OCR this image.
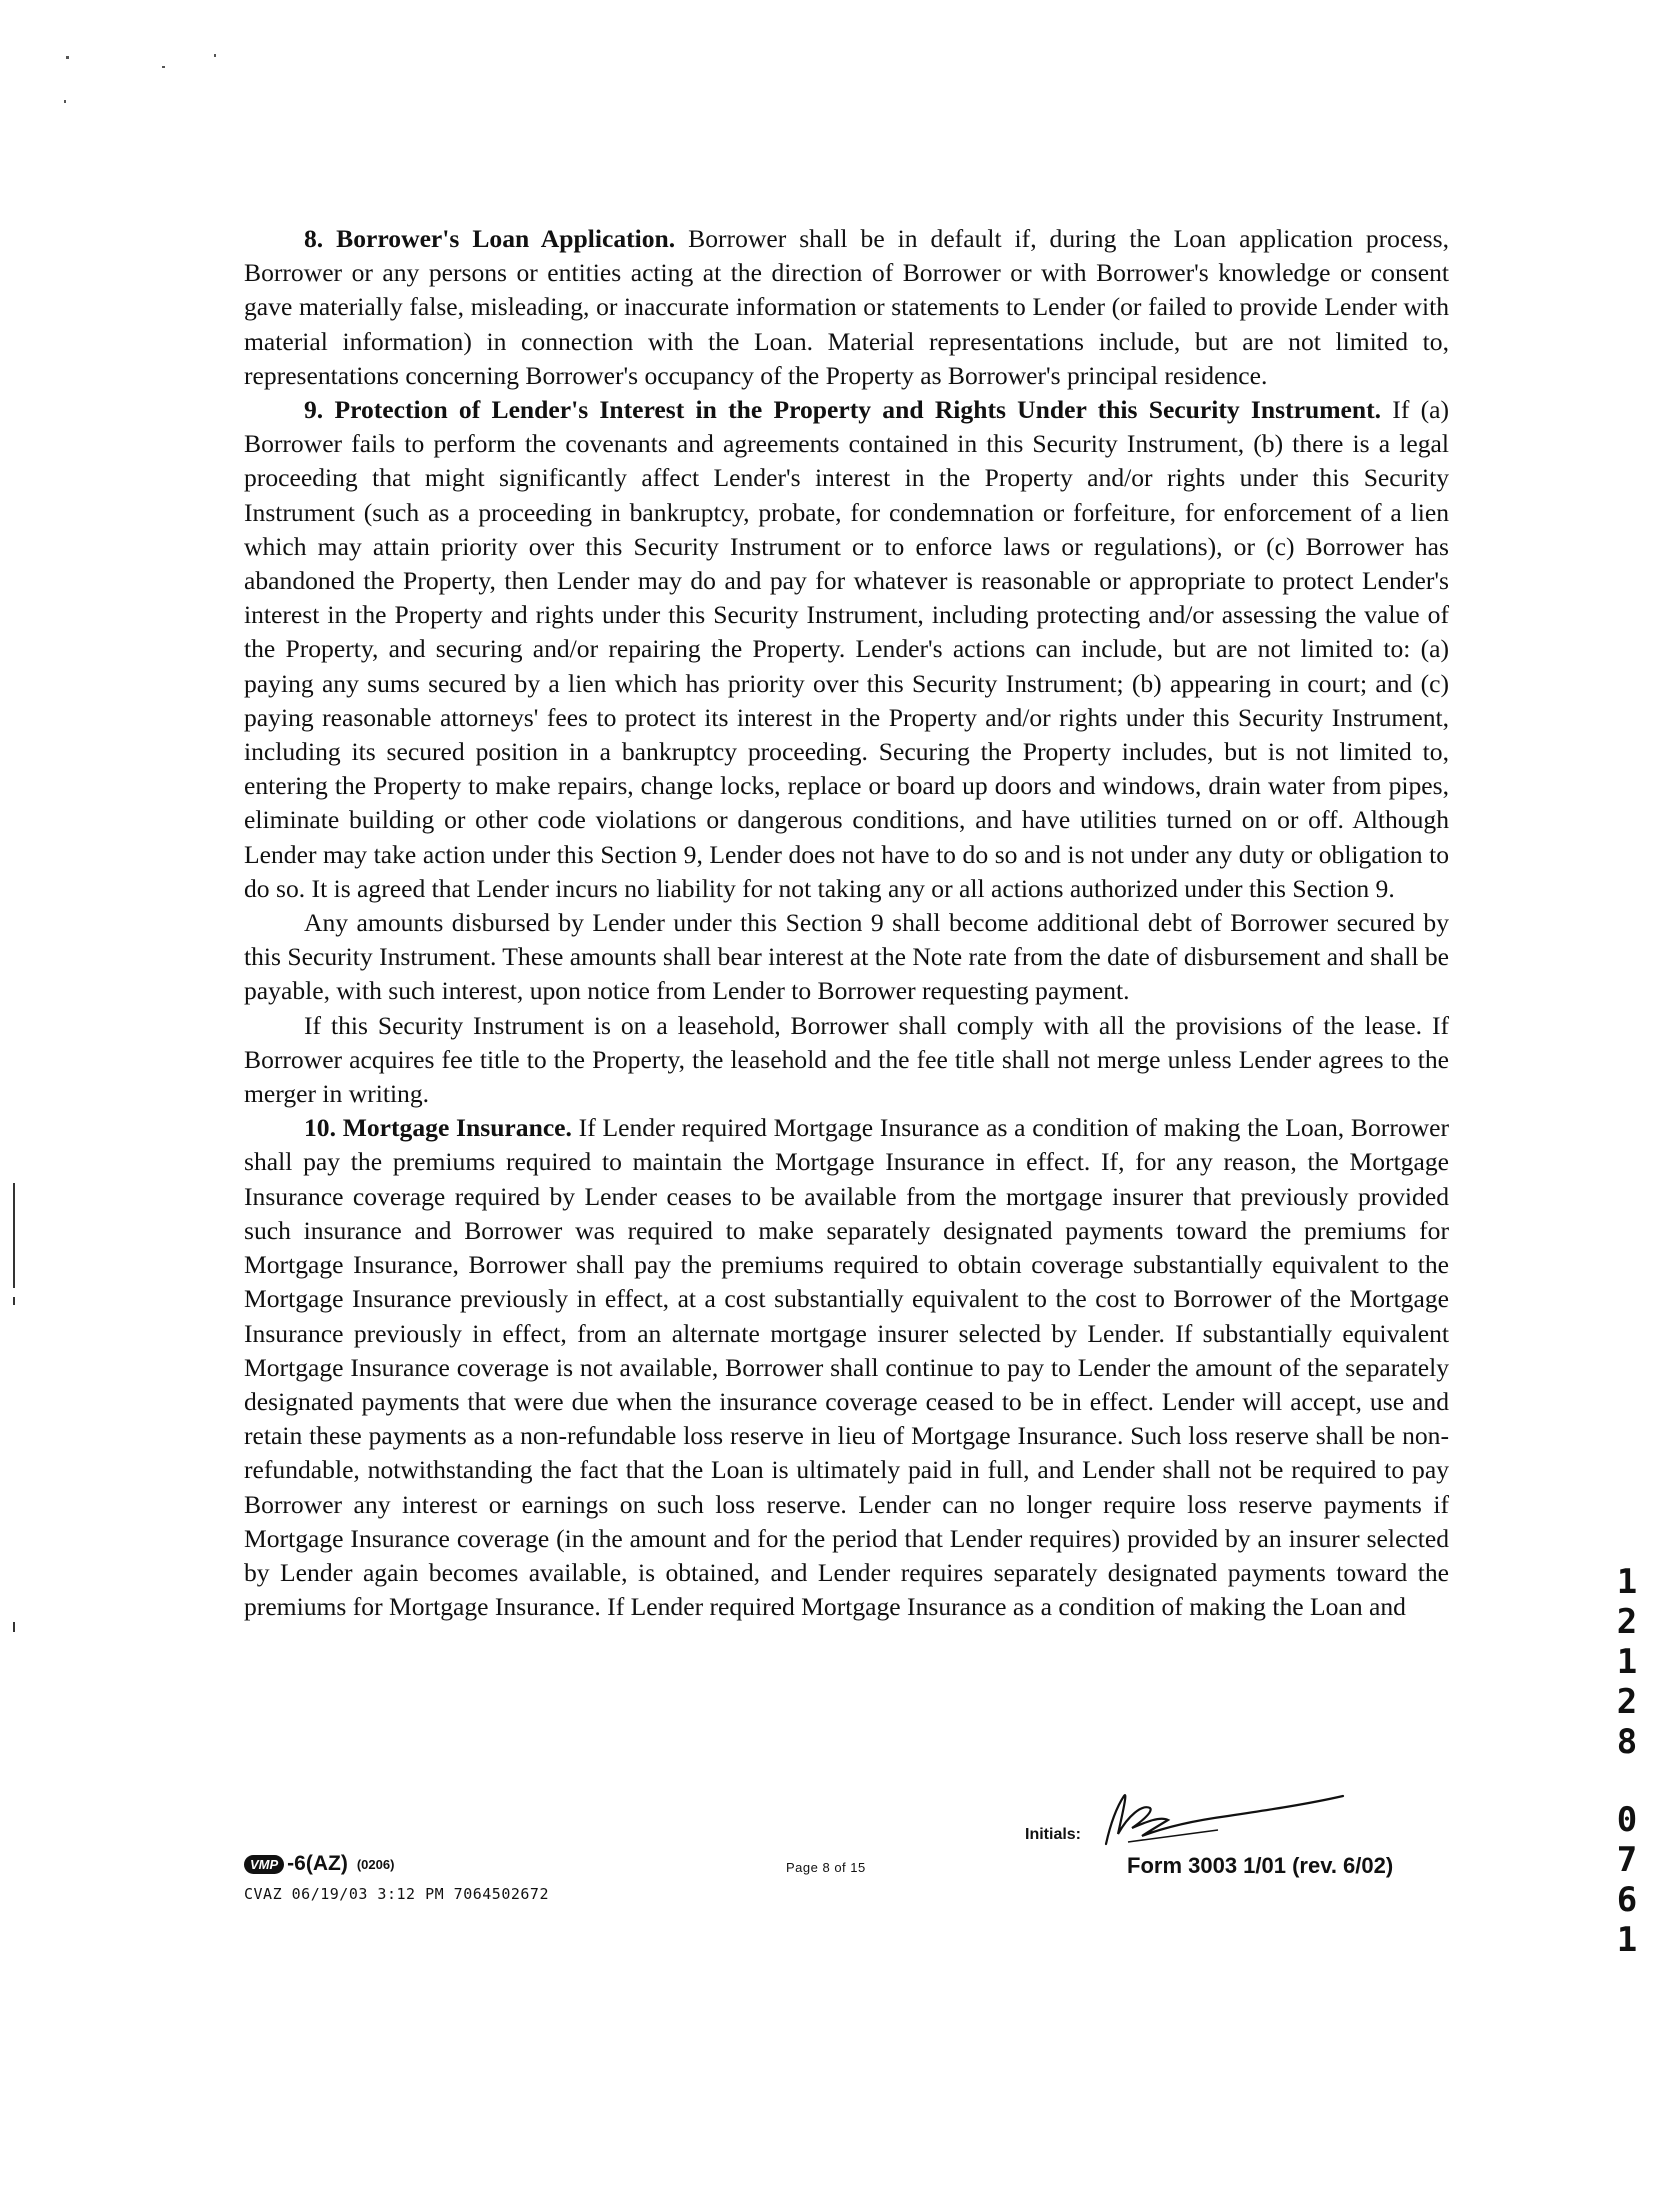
8. Borrower's Loan Application. Borrower shall be in default if, during the Loan application process, Borrower or any persons or entities acting at the direction of Borrower or with Borrower's knowledge or consent gave materially false, misleading, or inaccurate information or statements to Lender (or failed to provide Lender with material information) in connection with the Loan. Material representations include, but are not limited to, representations concerning Borrower's occupancy of the Property as Borrower's principal residence.

9. Protection of Lender's Interest in the Property and Rights Under this Security Instrument. If (a) Borrower fails to perform the covenants and agreements contained in this Security Instrument, (b) there is a legal proceeding that might significantly affect Lender's interest in the Property and/or rights under this Security Instrument (such as a proceeding in bankruptcy, probate, for condemnation or forfeiture, for enforcement of a lien which may attain priority over this Security Instrument or to enforce laws or regulations), or (c) Borrower has abandoned the Property, then Lender may do and pay for whatever is reasonable or appropriate to protect Lender's interest in the Property and rights under this Security Instrument, including protecting and/or assessing the value of the Property, and securing and/or repairing the Property. Lender's actions can include, but are not limited to: (a) paying any sums secured by a lien which has priority over this Security Instrument; (b) appearing in court; and (c) paying reasonable attorneys' fees to protect its interest in the Property and/or rights under this Security Instrument, including its secured position in a bankruptcy proceeding. Securing the Property includes, but is not limited to, entering the Property to make repairs, change locks, replace or board up doors and windows, drain water from pipes, eliminate building or other code violations or dangerous conditions, and have utilities turned on or off. Although Lender may take action under this Section 9, Lender does not have to do so and is not under any duty or obligation to do so. It is agreed that Lender incurs no liability for not taking any or all actions authorized under this Section 9.

Any amounts disbursed by Lender under this Section 9 shall become additional debt of Borrower secured by this Security Instrument. These amounts shall bear interest at the Note rate from the date of disbursement and shall be payable, with such interest, upon notice from Lender to Borrower requesting payment.

If this Security Instrument is on a leasehold, Borrower shall comply with all the provisions of the lease. If Borrower acquires fee title to the Property, the leasehold and the fee title shall not merge unless Lender agrees to the merger in writing.

10. Mortgage Insurance. If Lender required Mortgage Insurance as a condition of making the Loan, Borrower shall pay the premiums required to maintain the Mortgage Insurance in effect. If, for any reason, the Mortgage Insurance coverage required by Lender ceases to be available from the mortgage insurer that previously provided such insurance and Borrower was required to make separately designated payments toward the premiums for Mortgage Insurance, Borrower shall pay the premiums required to obtain coverage substantially equivalent to the Mortgage Insurance previously in effect, at a cost substantially equivalent to the cost to Borrower of the Mortgage Insurance previously in effect, from an alternate mortgage insurer selected by Lender. If substantially equivalent Mortgage Insurance coverage is not available, Borrower shall continue to pay to Lender the amount of the separately designated payments that were due when the insurance coverage ceased to be in effect. Lender will accept, use and retain these payments as a non-refundable loss reserve in lieu of Mortgage Insurance. Such loss reserve shall be non-refundable, notwithstanding the fact that the Loan is ultimately paid in full, and Lender shall not be required to pay Borrower any interest or earnings on such loss reserve. Lender can no longer require loss reserve payments if Mortgage Insurance coverage (in the amount and for the period that Lender requires) provided by an insurer selected by Lender again becomes available, is obtained, and Lender requires separately designated payments toward the premiums for Mortgage Insurance. If Lender required Mortgage Insurance as a condition of making the Loan and

1
2
1
2
8
0
7
6
1
Initials:
VMP -6(AZ) (0206)	Page 8 of 15	Form 3003 1/01 (rev. 6/02)
CVAZ 06/19/03 3:12 PM 7064502672
